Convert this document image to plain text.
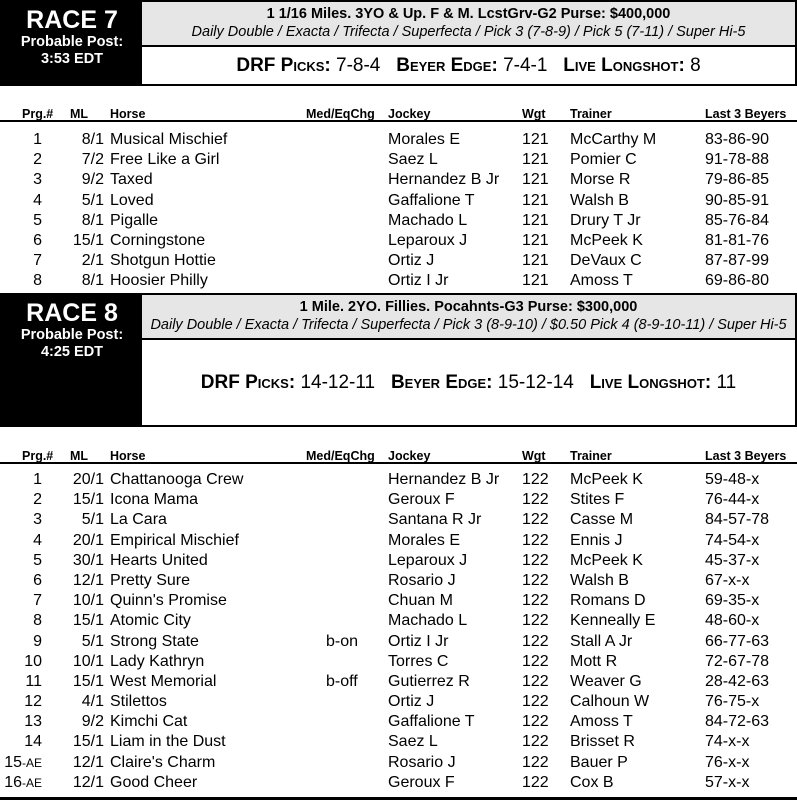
RACE 7
Probable Post:
3:53 EDT
1 1/16 Miles. 3YO & Up. F & M. LcstGrv-G2 Purse: $400,000
Daily Double / Exacta / Trifecta / Superfecta / Pick 3 (7-8-9) / Pick 5 (7-11) / Super Hi-5
DRF Picks: 7-8-4 Beyer Edge: 7-4-1 Live Longshot: 8
Prg.# ML Horse	Med/EqChg Jockey	Wgt Trainer	Last 3 Beyers
1 8/1 Musical Mischief	Morales E	121 McCarthy M	83-86-90
2 7/2 Free Like a Girl	Saez L	121 Pomier C	91-78-88
3 9/2 Taxed	Hernandez B Jr 121 Morse R	79-86-85
4 5/1 Loved	Gaffalione T	121 Walsh B	90-85-91
5 8/1 Pigalle	Machado L	121 Drury T Jr	85-76-84
6 15/1 Corningstone	Leparoux J	121 McPeek K	81-81-76
7 2/1 Shotgun Hottie	Ortiz J	121 DeVaux C	87-87-99
8 8/1 Hoosier Philly	Ortiz I Jr	121 Amoss T	69-86-80
RACE 8
Probable Post:
4:25 EDT
1 Mile. 2YO. Fillies. Pocahnts-G3 Purse: $300,000
Daily Double / Exacta / Trifecta / Superfecta / Pick 3 (8-9-10) / $0.50 Pick 4 (8-9-10-11) / Super Hi-5
DRF Picks: 14-12-11 Beyer Edge: 15-12-14 Live Longshot: 11
Prg.# ML Horse	Med/EqChg Jockey	Wgt Trainer	Last 3 Beyers
1 20/1 Chattanooga Crew	Hernandez B Jr 122 McPeek K	59-48-x
2 15/1 Icona Mama	Geroux F	122 Stites F	76-44-x
3 5/1 La Cara	Santana R Jr	122 Casse M	84-57-78
4 20/1 Empirical Mischief	Morales E	122 Ennis J	74-54-x
5 30/1 Hearts United	Leparoux J	122 McPeek K	45-37-x
6 12/1 Pretty Sure	Rosario J	122 Walsh B	67-x-x
7 10/1 Quinn's Promise	Chuan M	122 Romans D	69-35-x
8 15/1 Atomic City	Machado L	122 Kenneally E	48-60-x
9 5/1 Strong State	b-on Ortiz I Jr	122 Stall A Jr	66-77-63
10 10/1 Lady Kathryn	Torres C	122 Mott R	72-67-78
11 15/1 West Memorial	b-off Gutierrez R	122 Weaver G	28-42-63
12 4/1 Stilettos	Ortiz J	122 Calhoun W	76-75-x
13 9/2 Kimchi Cat	Gaffalione T	122 Amoss T	84-72-63
14 15/1 Liam in the Dust	Saez L	122 Brisset R	74-x-x
15-AE 12/1 Claire's Charm	Rosario J	122 Bauer P	76-x-x
16-AE 12/1 Good Cheer	Geroux F	122 Cox B	57-x-x
